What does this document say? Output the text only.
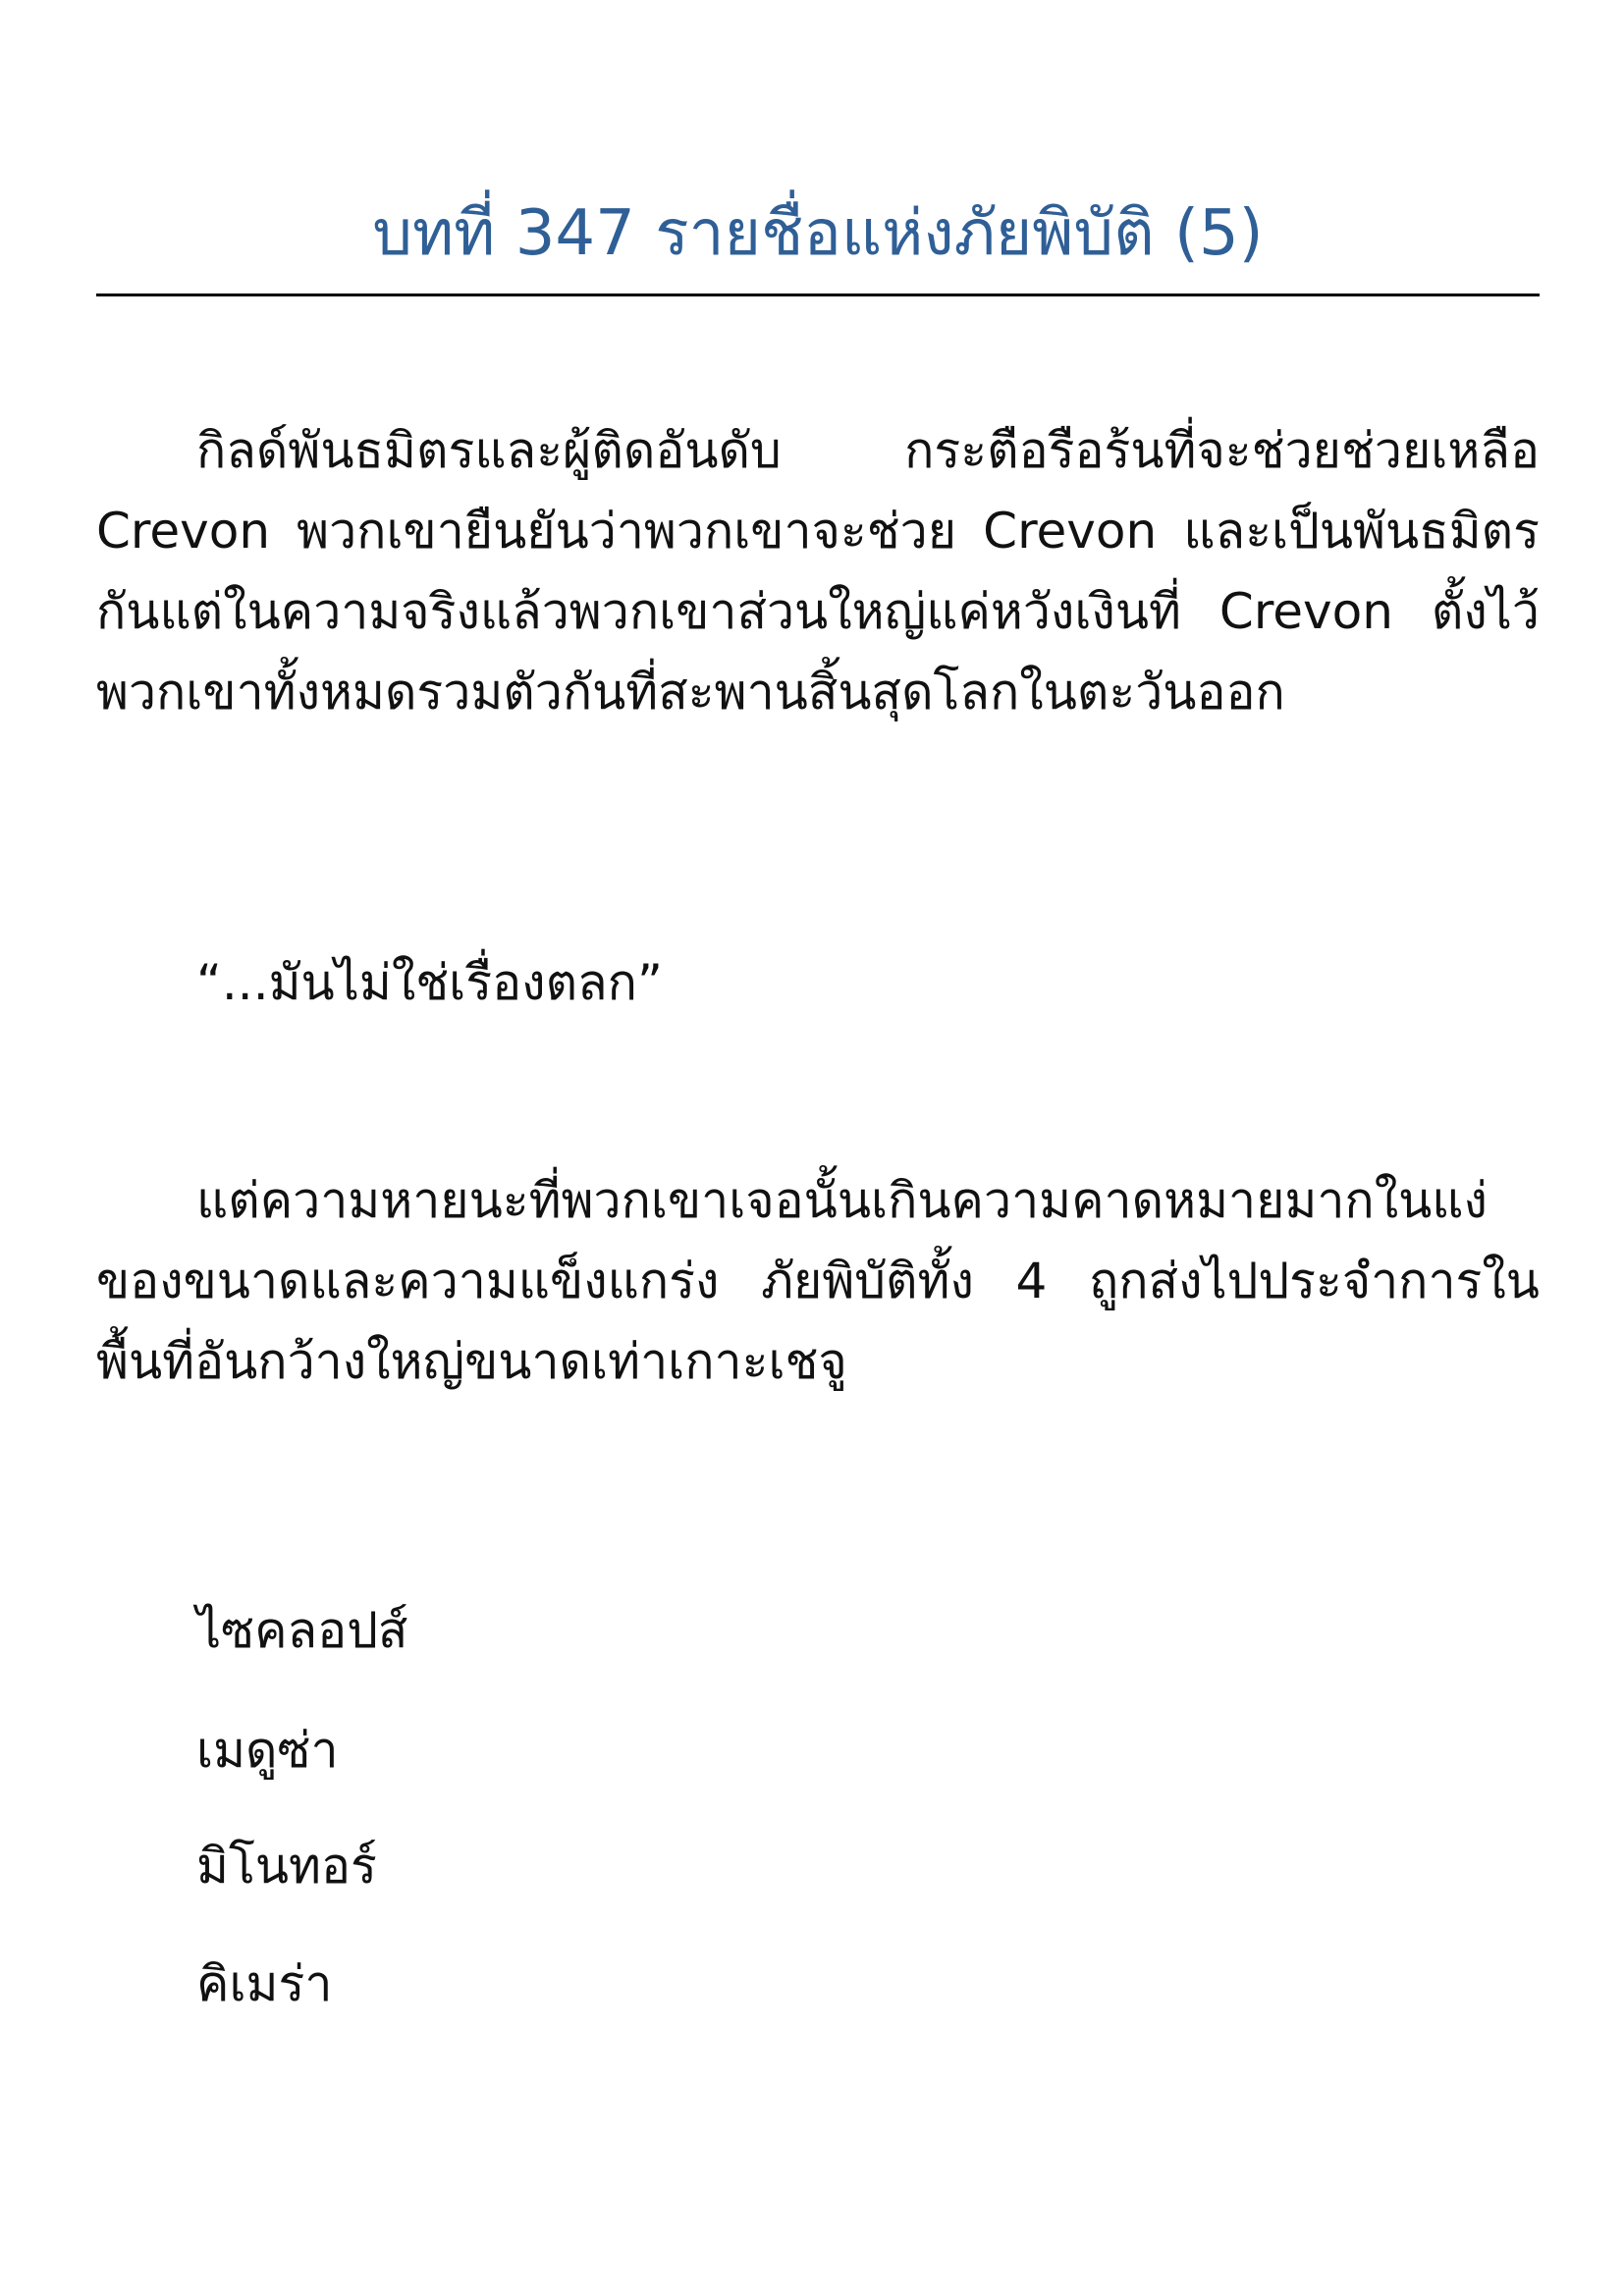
บทที่ 347 รายชื่อแห่งภัยพิบัติ (5)

กิลด์พันธมิตรและผู้ติดอันดับ กระตือรือร้นที่จะช่วยช่วยเหลือ Crevon พวกเขายืนยันว่าพวกเขาจะช่วย Crevon และเป็นพันธมิตรกันแต่ในความจริงแล้วพวกเขาส่วนใหญ่แค่หวังเงินที่ Crevon ตั้งไว้ พวกเขาทั้งหมดรวมตัวกันที่สะพานสิ้นสุดโลกในตะวันออก

“...มันไม่ใช่เรื่องตลก”

แต่ความหายนะที่พวกเขาเจอนั้นเกินความคาดหมายมากในแง่ของขนาดและความแข็งแกร่ง ภัยพิบัติทั้ง 4 ถูกส่งไปประจำการในพื้นที่อันกว้างใหญ่ขนาดเท่าเกาะเชจู

ไซคลอปส์

เมดูซ่า

มิโนทอร์

คิเมร่า
